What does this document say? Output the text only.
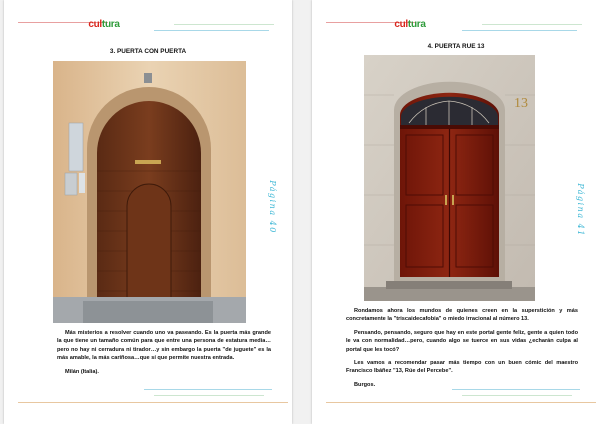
cultura
3. PUERTA CON PUERTA
Página 40

Más misterios a resolver cuando uno va paseando. Es la puerta más grande la que tiene un tamaño común para que entre una persona de estatura media…pero no hay ni cerradura ni tirador…y sin embargo la puerta "de juguete" es la más amable, la más cariñosa…que sí que permite nuestra entrada.

Milán (Italia).

cultura
4. PUERTA RUE 13
13
Página 41

Rondamos ahora los mundos de quienes creen en la superstición y más concretamente la "triscaidecafobia" o miedo irracional al número 13.

Pensando, pensando, seguro que hay en este portal gente feliz, gente a quien todo le va con normalidad…pero, cuando algo se tuerce en sus vidas ¿echarán culpa al portal que les tocó?

Les vamos a recomendar pasar más tiempo con un buen cómic del maestro Francisco Ibáñez "13, Rúe del Percebe".

Burgos.
